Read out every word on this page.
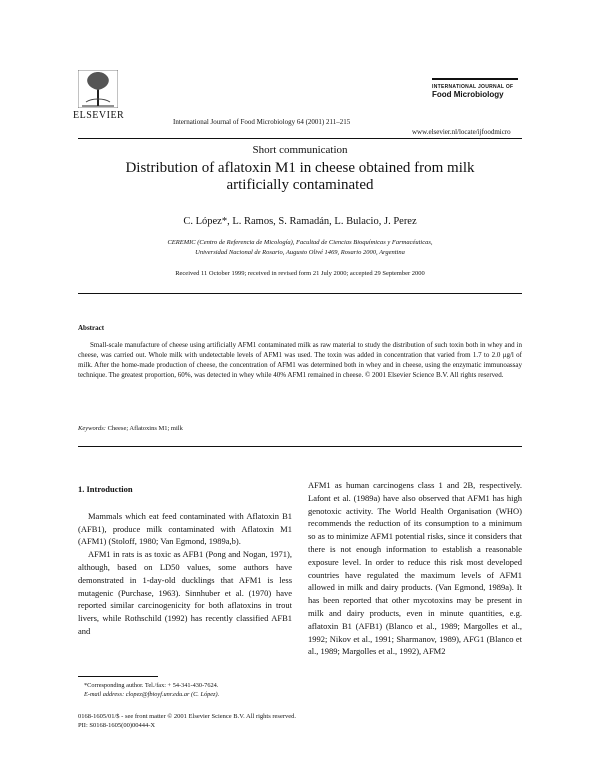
ELSEVIER
International Journal of Food Microbiology 64 (2001) 211–215
INTERNATIONAL JOURNAL OF
Food Microbiology
www.elsevier.nl/locate/ijfoodmicro
Short communication
Distribution of aflatoxin M1 in cheese obtained from milk
artificially contaminated
C. López*, L. Ramos, S. Ramadán, L. Bulacio, J. Perez
CEREMIC (Centro de Referencia de Micología), Facultad de Ciencias Bioquímicas y Farmacéuticas,
Universidad Nacional de Rosario, Augusto Olivé 1469, Rosario 2000, Argentina
Received 11 October 1999; received in revised form 21 July 2000; accepted 29 September 2000
Abstract
Small-scale manufacture of cheese using artificially AFM1 contaminated milk as raw material to study the distribution of such toxin both in whey and in cheese, was carried out. Whole milk with undetectable levels of AFM1 was used. The toxin was added in concentration that varied from 1.7 to 2.0 μg/l of milk. After the home-made production of cheese, the concentration of AFM1 was determined both in whey and in cheese, using the enzymatic immunoassay technique. The greatest proportion, 60%, was detected in whey while 40% AFM1 remained in cheese. © 2001 Elsevier Science B.V. All rights reserved.
Keywords: Cheese; Aflatoxins M1; milk

1. Introduction

Mammals which eat feed contaminated with Aflatoxin B1 (AFB1), produce milk contaminated with Aflatoxin M1 (AFM1) (Stoloff, 1980; Van Egmond, 1989a,b).

AFM1 in rats is as toxic as AFB1 (Pong and Nogan, 1971), although, based on LD50 values, some authors have demonstrated in 1-day-old ducklings that AFM1 is less mutagenic (Purchase, 1963). Sinnhuber et al. (1970) have reported similar carcinogenicity for both aflatoxins in trout livers, while Rothschild (1992) has recently classified AFB1 and

AFM1 as human carcinogens class 1 and 2B, respectively. Lafont et al. (1989a) have also observed that AFM1 has high genotoxic activity. The World Health Organisation (WHO) recommends the reduction of its consumption to a minimum so as to minimize AFM1 potential risks, since it considers that there is not enough information to establish a reasonable exposure level. In order to reduce this risk most developed countries have regulated the maximum levels of AFM1 allowed in milk and dairy products. (Van Egmond, 1989a). It has been reported that other mycotoxins may be present in milk and dairy products, even in minute quantities, e.g. aflatoxin B1 (AFB1) (Blanco et al., 1989; Margolles et al., 1992; Nikov et al., 1991; Sharmanov, 1989), AFG1 (Blanco et al., 1989; Margolles et al., 1992), AFM2

*Corresponding author. Tel./fax: + 54-341-430-7624.

E-mail address: clopez@fbioyf.unr.edu.ar (C. López).

0168-1605/01/$ - see front matter © 2001 Elsevier Science B.V. All rights reserved.
PII: S0168-1605(00)00444-X
